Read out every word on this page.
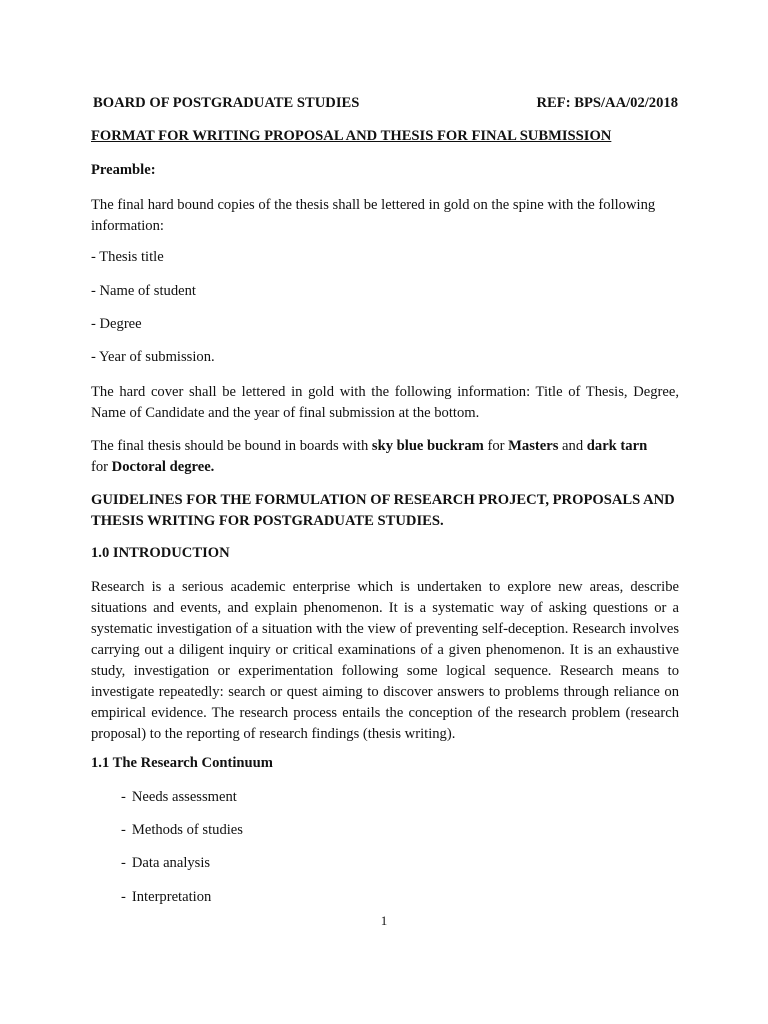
BOARD OF POSTGRADUATE STUDIES	REF: BPS/AA/02/2018
FORMAT FOR WRITING PROPOSAL AND THESIS FOR FINAL SUBMISSION
Preamble:
The final hard bound copies of the thesis shall be lettered in gold on the spine with the following information:
- Thesis title
- Name of student
- Degree
- Year of submission.
The hard cover shall be lettered in gold with the following information: Title of Thesis, Degree, Name of Candidate and the year of final submission at the bottom.
The final thesis should be bound in boards with sky blue buckram for Masters and dark tarn
for Doctoral degree.
GUIDELINES FOR THE FORMULATION OF RESEARCH PROJECT, PROPOSALS AND THESIS WRITING FOR POSTGRADUATE STUDIES.
1.0 INTRODUCTION
Research is a serious academic enterprise which is undertaken to explore new areas, describe situations and events, and explain phenomenon. It is a systematic way of asking questions or a systematic investigation of a situation with the view of preventing self-deception. Research involves carrying out a diligent inquiry or critical examinations of a given phenomenon. It is an exhaustive study, investigation or experimentation following some logical sequence. Research means to investigate repeatedly: search or quest aiming to discover answers to problems through reliance on empirical evidence. The research process entails the conception of the research problem (research proposal) to the reporting of research findings (thesis writing).
1.1 The Research Continuum
- Needs assessment
- Methods of studies
- Data analysis
- Interpretation
1
